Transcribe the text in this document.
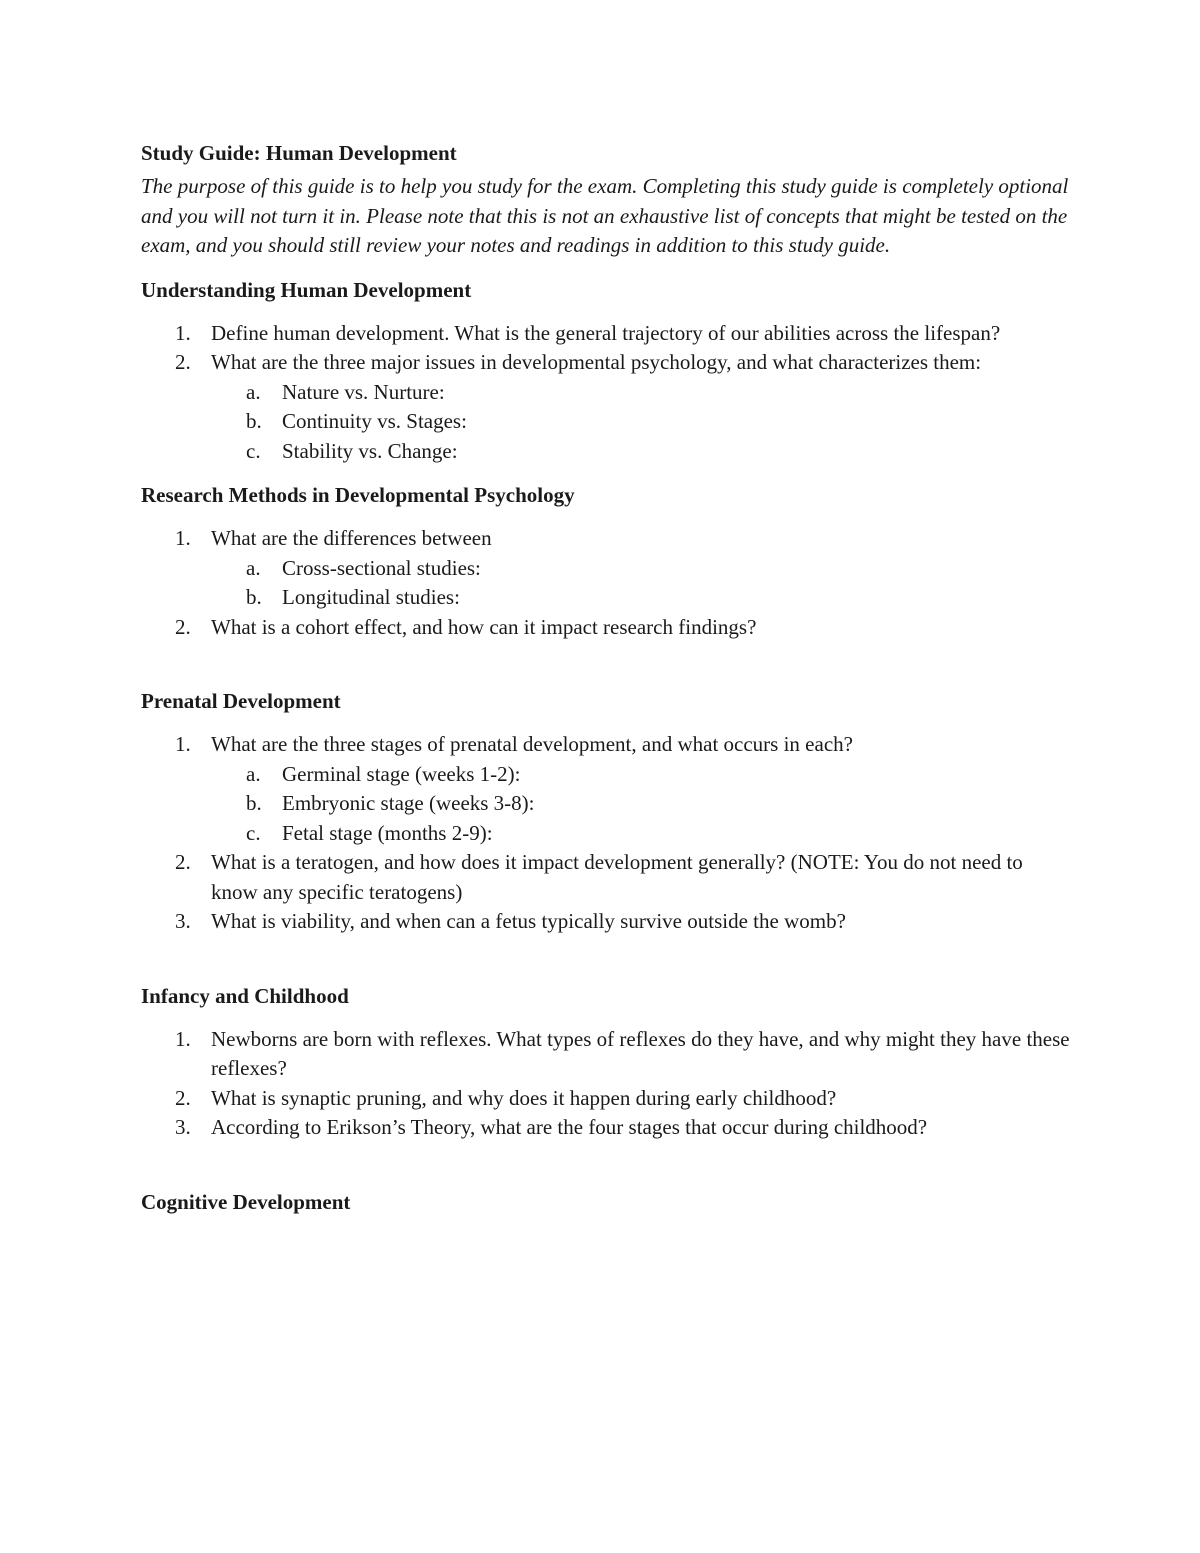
Study Guide: Human Development
The purpose of this guide is to help you study for the exam. Completing this study guide is completely optional and you will not turn it in. Please note that this is not an exhaustive list of concepts that might be tested on the exam, and you should still review your notes and readings in addition to this study guide.
Understanding Human Development
1. Define human development. What is the general trajectory of our abilities across the lifespan?
2. What are the three major issues in developmental psychology, and what characterizes them:
a. Nature vs. Nurture:
b. Continuity vs. Stages:
c. Stability vs. Change:
Research Methods in Developmental Psychology
1. What are the differences between
a. Cross-sectional studies:
b. Longitudinal studies:
2. What is a cohort effect, and how can it impact research findings?
Prenatal Development
1. What are the three stages of prenatal development, and what occurs in each?
a. Germinal stage (weeks 1-2):
b. Embryonic stage (weeks 3-8):
c. Fetal stage (months 2-9):
2. What is a teratogen, and how does it impact development generally? (NOTE: You do not need to know any specific teratogens)
3. What is viability, and when can a fetus typically survive outside the womb?
Infancy and Childhood
1. Newborns are born with reflexes. What types of reflexes do they have, and why might they have these reflexes?
2. What is synaptic pruning, and why does it happen during early childhood?
3. According to Erikson’s Theory, what are the four stages that occur during childhood?
Cognitive Development
